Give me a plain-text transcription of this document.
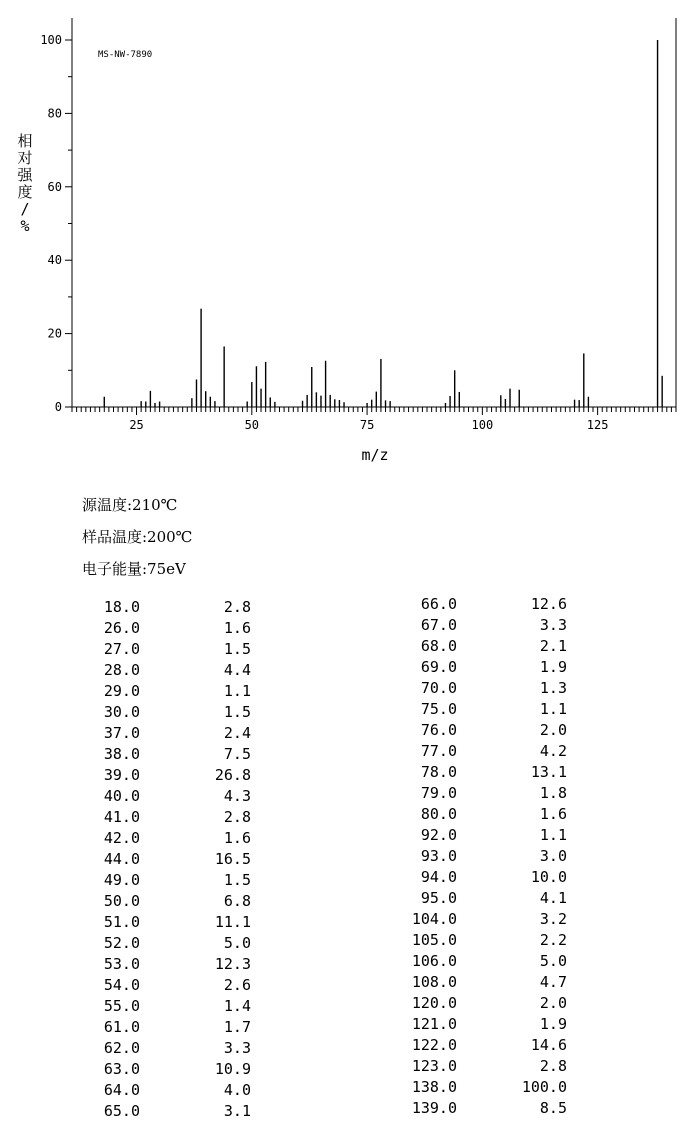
25	50	75	100	125
0
20
40
60
80
100
MS-NW-7890
m/z
相对强度/ %
源温度:210℃
样品温度:200℃
电子能量:75eV
18.0	2.8
26.0	1.6
27.0	1.5
28.0	4.4
29.0	1.1
30.0	1.5
37.0	2.4
38.0	7.5
39.0	26.8
40.0	4.3
41.0	2.8
42.0	1.6
44.0	16.5
49.0	1.5
50.0	6.8
51.0	11.1
52.0	5.0
53.0	12.3
54.0	2.6
55.0	1.4
61.0	1.7
62.0	3.3
63.0	10.9
64.0	4.0
65.0	3.1
66.0	12.6
67.0	3.3
68.0	2.1
69.0	1.9
70.0	1.3
75.0	1.1
76.0	2.0
77.0	4.2
78.0	13.1
79.0	1.8
80.0	1.6
92.0	1.1
93.0	3.0
94.0	10.0
95.0	4.1
104.0	3.2
105.0	2.2
106.0	5.0
108.0	4.7
120.0	2.0
121.0	1.9
122.0	14.6
123.0	2.8
138.0	100.0
139.0	8.5
